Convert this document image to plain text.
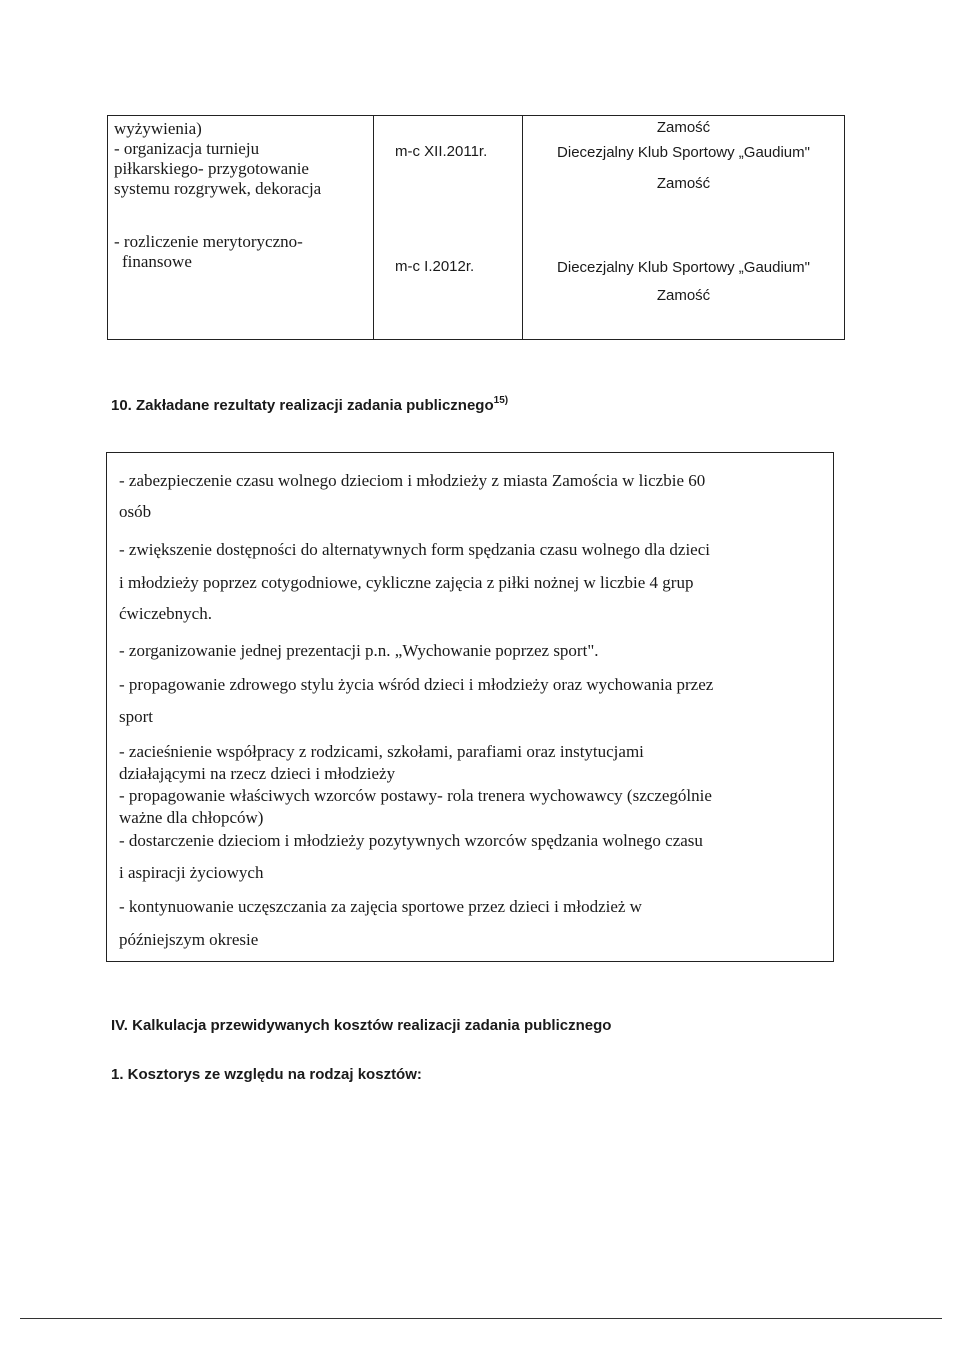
wyżywienia)
- organizacja turnieju
piłkarskiego- przygotowanie
systemu rozgrywek, dekoracja
- rozliczenie merytoryczno-
finansowe
m-c XII.2011r.
m-c I.2012r.
Zamość
Diecezjalny Klub Sportowy „Gaudium"
Zamość
Diecezjalny Klub Sportowy „Gaudium"
Zamość
10. Zakładane rezultaty realizacji zadania publicznego$^{15)}$
- zabezpieczenie czasu wolnego dzieciom i młodzieży z miasta Zamościa w liczbie 60
osób
- zwiększenie dostępności do alternatywnych form spędzania czasu wolnego dla dzieci
i młodzieży poprzez cotygodniowe, cykliczne zajęcia z piłki nożnej w liczbie 4 grup
ćwiczebnych.
- zorganizowanie jednej prezentacji p.n. „Wychowanie poprzez sport".
- propagowanie zdrowego stylu życia wśród dzieci i młodzieży oraz wychowania przez
sport
- zacieśnienie współpracy z rodzicami, szkołami, parafiami oraz instytucjami
działającymi na rzecz dzieci i młodzieży
- propagowanie właściwych wzorców postawy- rola trenera wychowawcy (szczególnie
ważne dla chłopców)
- dostarczenie dzieciom i młodzieży pozytywnych wzorców spędzania wolnego czasu
i aspiracji życiowych
- kontynuowanie uczęszczania za zajęcia sportowe przez dzieci i młodzież w
późniejszym okresie
IV. Kalkulacja przewidywanych kosztów realizacji zadania publicznego
1. Kosztorys ze względu na rodzaj kosztów:
